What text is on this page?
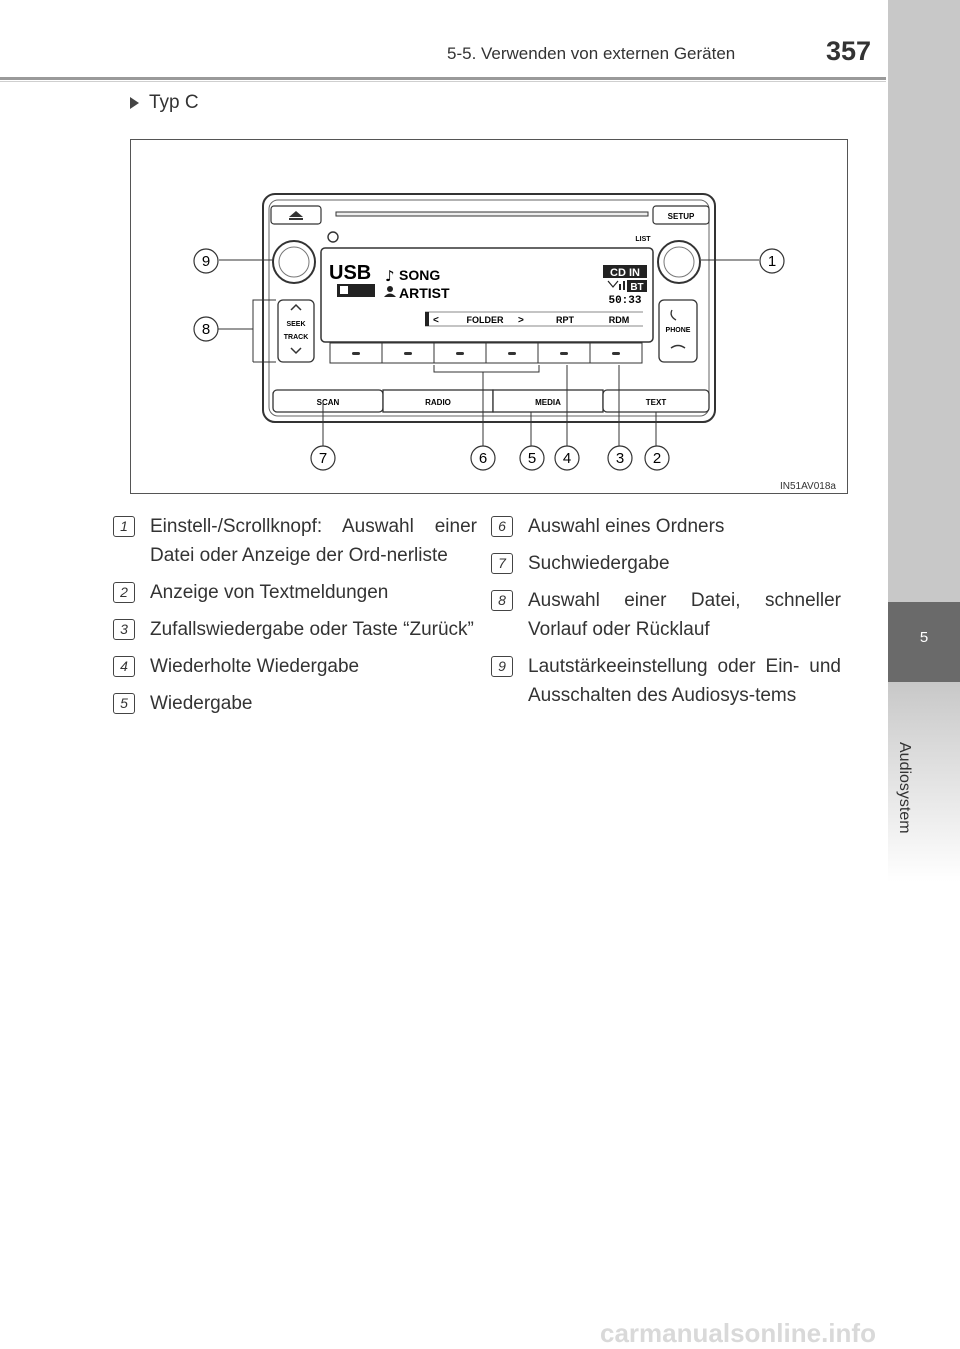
5
Audiosystem
5-5. Verwenden von externen Geräten	357
Typ C
SETUP
LIST
USB ♪ SONG
ARTIST
CD IN
BT
50:33
<	FOLDER >	RPT	RDM
SEEK
TRACK
PHONE
SCAN	RADIO	MEDIA	TEXT
1
2
3
4
5
6
7
8
9
IN51AV018a
1	Einstell-/Scrollknopf: Auswahl einer Datei oder Anzeige der Ord-nerliste
2	Anzeige von Textmeldungen
3	Zufallswiedergabe oder Taste “Zurück”
4	Wiederholte Wiedergabe
5	Wiedergabe
6	Auswahl eines Ordners
7	Suchwiedergabe
8	Auswahl einer Datei, schneller Vorlauf oder Rücklauf
9	Lautstärkeeinstellung oder Ein- und Ausschalten des Audiosys-tems
carmanualsonline.info
